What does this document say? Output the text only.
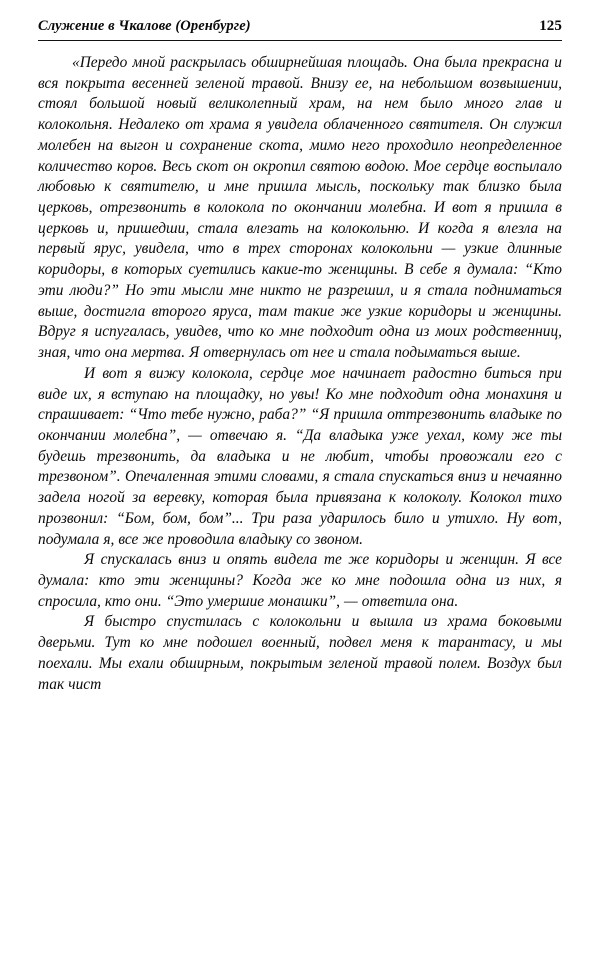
Служение в Чкалове (Оренбурге)	125

«Передо мной раскрылась обширнейшая площадь. Она была прекрасна и вся покрыта весенней зеленой травой. Внизу ее, на небольшом возвышении, стоял большой новый великолепный храм, на нем было много глав и колокольня. Недалеко от храма я увидела облаченного святителя. Он служил молебен на выгон и сохранение скота, мимо него проходило неопределенное количество коров. Весь скот он окропил святою водою. Мое сердце воспылало любовью к святителю, и мне пришла мысль, поскольку так близко была церковь, отрезвонить в колокола по окончании молебна. И вот я пришла в церковь и, пришедши, стала влезать на колокольню. И когда я влезла на первый ярус, увидела, что в трех сторонах колокольни — узкие длинные коридоры, в которых суетились какие-то женщины. В себе я думала: “Кто эти люди?” Но эти мысли мне никто не разрешил, и я стала подниматься выше, достигла второго яруса, там такие же узкие коридоры и женщины. Вдруг я испугалась, увидев, что ко мне подходит одна из моих родственниц, зная, что она мертва. Я отвернулась от нее и стала подыматься выше.

И вот я вижу колокола, сердце мое начинает радостно биться при виде их, я вступаю на площадку, но увы! Ко мне подходит одна монахиня и спрашивает: “Что тебе нужно, раба?” “Я пришла оттрезвонить владыке по окончании молебна”, — отвечаю я. “Да владыка уже уехал, кому же ты будешь трезвонить, да владыка и не любит, чтобы провожали его с трезвоном”. Опечаленная этими словами, я стала спускаться вниз и нечаянно задела ногой за веревку, которая была привязана к колоколу. Колокол тихо прозвонил: “Бом, бом, бом”... Три раза ударилось било и утихло. Ну вот, подумала я, все же проводила владыку со звоном.

Я спускалась вниз и опять видела те же коридоры и женщин. Я все думала: кто эти женщины? Когда же ко мне подошла одна из них, я спросила, кто они. “Это умершие монашки”, — ответила она.

Я быстро спустилась с колокольни и вышла из храма боковыми дверьми. Тут ко мне подошел военный, подвел меня к тарантасу, и мы поехали. Мы ехали обширным, покрытым зеленой травой полем. Воздух был так чист
